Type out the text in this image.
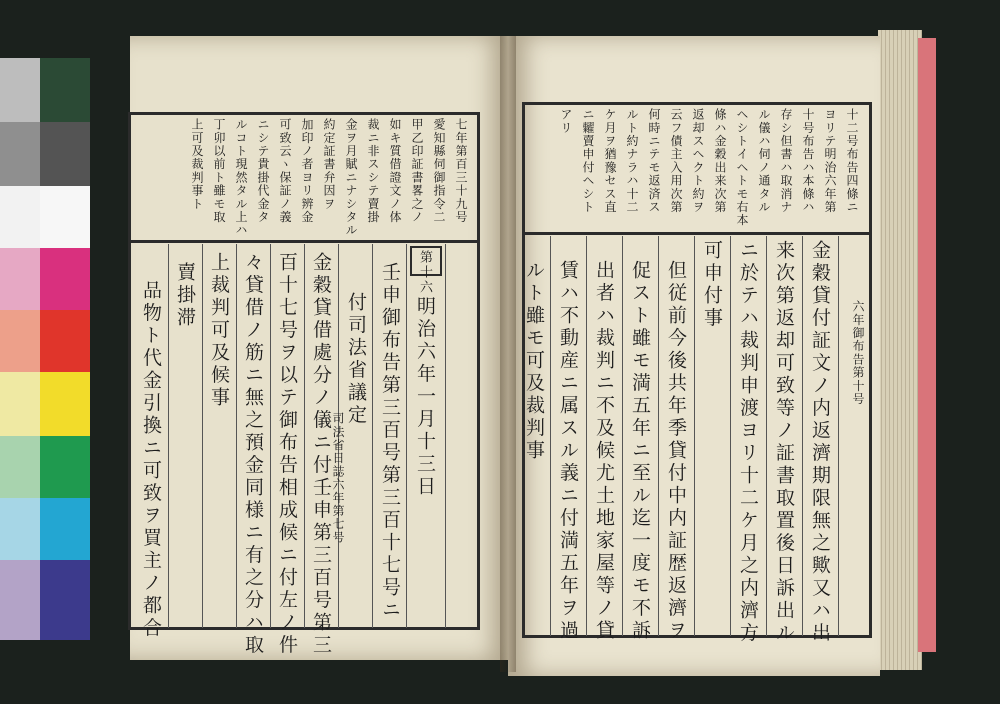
七年第百三十九号
愛知縣伺御指令二
甲乙印証書畧之ノ
如キ質借證文ノ体
裁ニ非スシテ賣掛
金ヲ月賦ニナシタル
約定証書弁因ヲ
加印ノ者ヨリ辨金
可致云ヽ保証ノ義
ニシテ貴掛代金タ
ルコト現然タル上ハ
丁卯以前ト雖モ取
上可及裁判事ト
第十六
明治六年一月十三日
壬申御布告第三百号第三百十七号ニ
付司法省議定
司法省日誌六年第七号
金穀貸借處分ノ儀ニ付壬申第三百号第三
百十七号ヲ以テ御布告相成候ニ付左ノ件
々貸借ノ筋ニ無之預金同様ニ有之分ハ取
上裁判可及候事
賣掛滞
品物ト代金引換ニ可致ヲ買主ノ都合
十二号布告四條ニ
ヨリテ明治六年第
十号布告ハ本條ハ
存シ但書ハ取消ナ
ル儀ハ伺ノ通タル
ヘシトイヘトモ右本
條ハ金穀出来次第
返却スヘクト約ヲ
云フ債主入用次第
何時ニテモ返済ス
ルト約ナラハ十二
ケ月ヲ猶豫セス直
ニ糶賣申付ヘシト
アリ
金穀貸付証文ノ内返濟期限無之歟又ハ出
来次第返却可致等ノ証書取置後日訴出ル
ニ於テハ裁判申渡ヨリ十二ケ月之内濟方
可申付事
但従前今後共年季貸付中内証歴返濟ヲ
促スト雖モ満五年ニ至ル迄一度モ不訴
出者ハ裁判ニ不及候尤土地家屋等ノ貸
賃ハ不動産ニ属スル義ニ付満五年ヲ過
ルト雖モ可及裁判事	六年御布告第十号
